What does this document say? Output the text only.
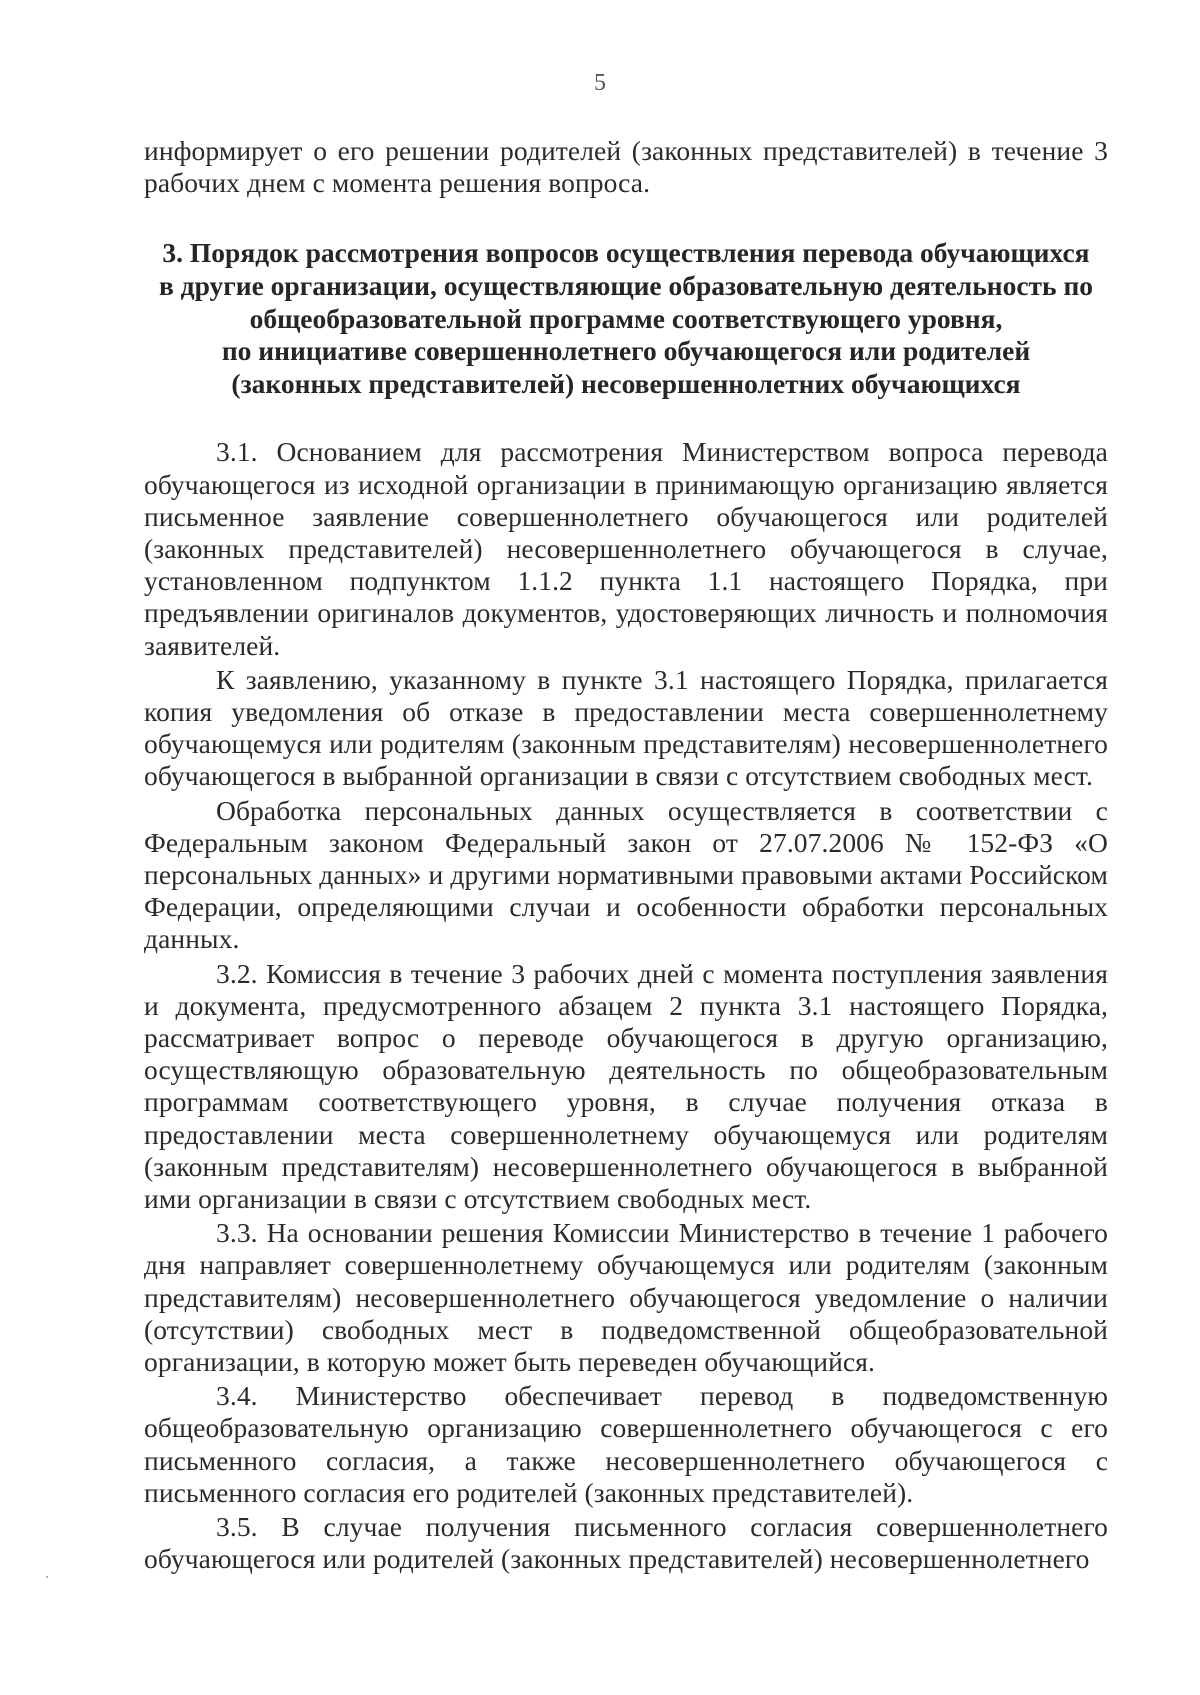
5

информирует о его решении родителей (законных представителей) в течение 3 рабочих днем с момента решения вопроса.

3. Порядок рассмотрения вопросов осуществления перевода обучающихся
в другие организации, осуществляющие образовательную деятельность по
общеобразовательной программе соответствующего уровня,
по инициативе совершеннолетнего обучающегося или родителей
(законных представителей) несовершеннолетних обучающихся

3.1. Основанием для рассмотрения Министерством вопроса перевода обучающегося из исходной организации в принимающую организацию является письменное заявление совершеннолетнего обучающегося или родителей (законных представителей) несовершеннолетнего обучающегося в случае, установленном подпунктом 1.1.2 пункта 1.1 настоящего Порядка, при предъявлении оригиналов документов, удостоверяющих личность и полномочия заявителей.

К заявлению, указанному в пункте 3.1 настоящего Порядка, прилагается копия уведомления об отказе в предоставлении места совершеннолетнему обучающемуся или родителям (законным представителям) несовершеннолетнего обучающегося в выбранной организации в связи с отсутствием свободных мест.

Обработка персональных данных осуществляется в соответствии с Федеральным законом Федеральный закон от 27.07.2006 № 152-ФЗ «О персональных данных» и другими нормативными правовыми актами Российском Федерации, определяющими случаи и особенности обработки персональных данных.

3.2. Комиссия в течение 3 рабочих дней с момента поступления заявления и документа, предусмотренного абзацем 2 пункта 3.1 настоящего Порядка, рассматривает вопрос о переводе обучающегося в другую организацию, осуществляющую образовательную деятельность по общеобразовательным программам соответствующего уровня, в случае получения отказа в предоставлении места совершеннолетнему обучающемуся или родителям (законным представителям) несовершеннолетнего обучающегося в выбранной ими организации в связи с отсутствием свободных мест.

3.3. На основании решения Комиссии Министерство в течение 1 рабочего дня направляет совершеннолетнему обучающемуся или родителям (законным представителям) несовершеннолетнего обучающегося уведомление о наличии (отсутствии) свободных мест в подведомственной общеобразовательной организации, в которую может быть переведен обучающийся.

3.4. Министерство обеспечивает перевод в подведомственную общеобразовательную организацию совершеннолетнего обучающегося с его письменного согласия, а также несовершеннолетнего обучающегося с письменного согласия его родителей (законных представителей).

3.5. В случае получения письменного согласия совершеннолетнего обучающегося или родителей (законных представителей) несовершеннолетнего
